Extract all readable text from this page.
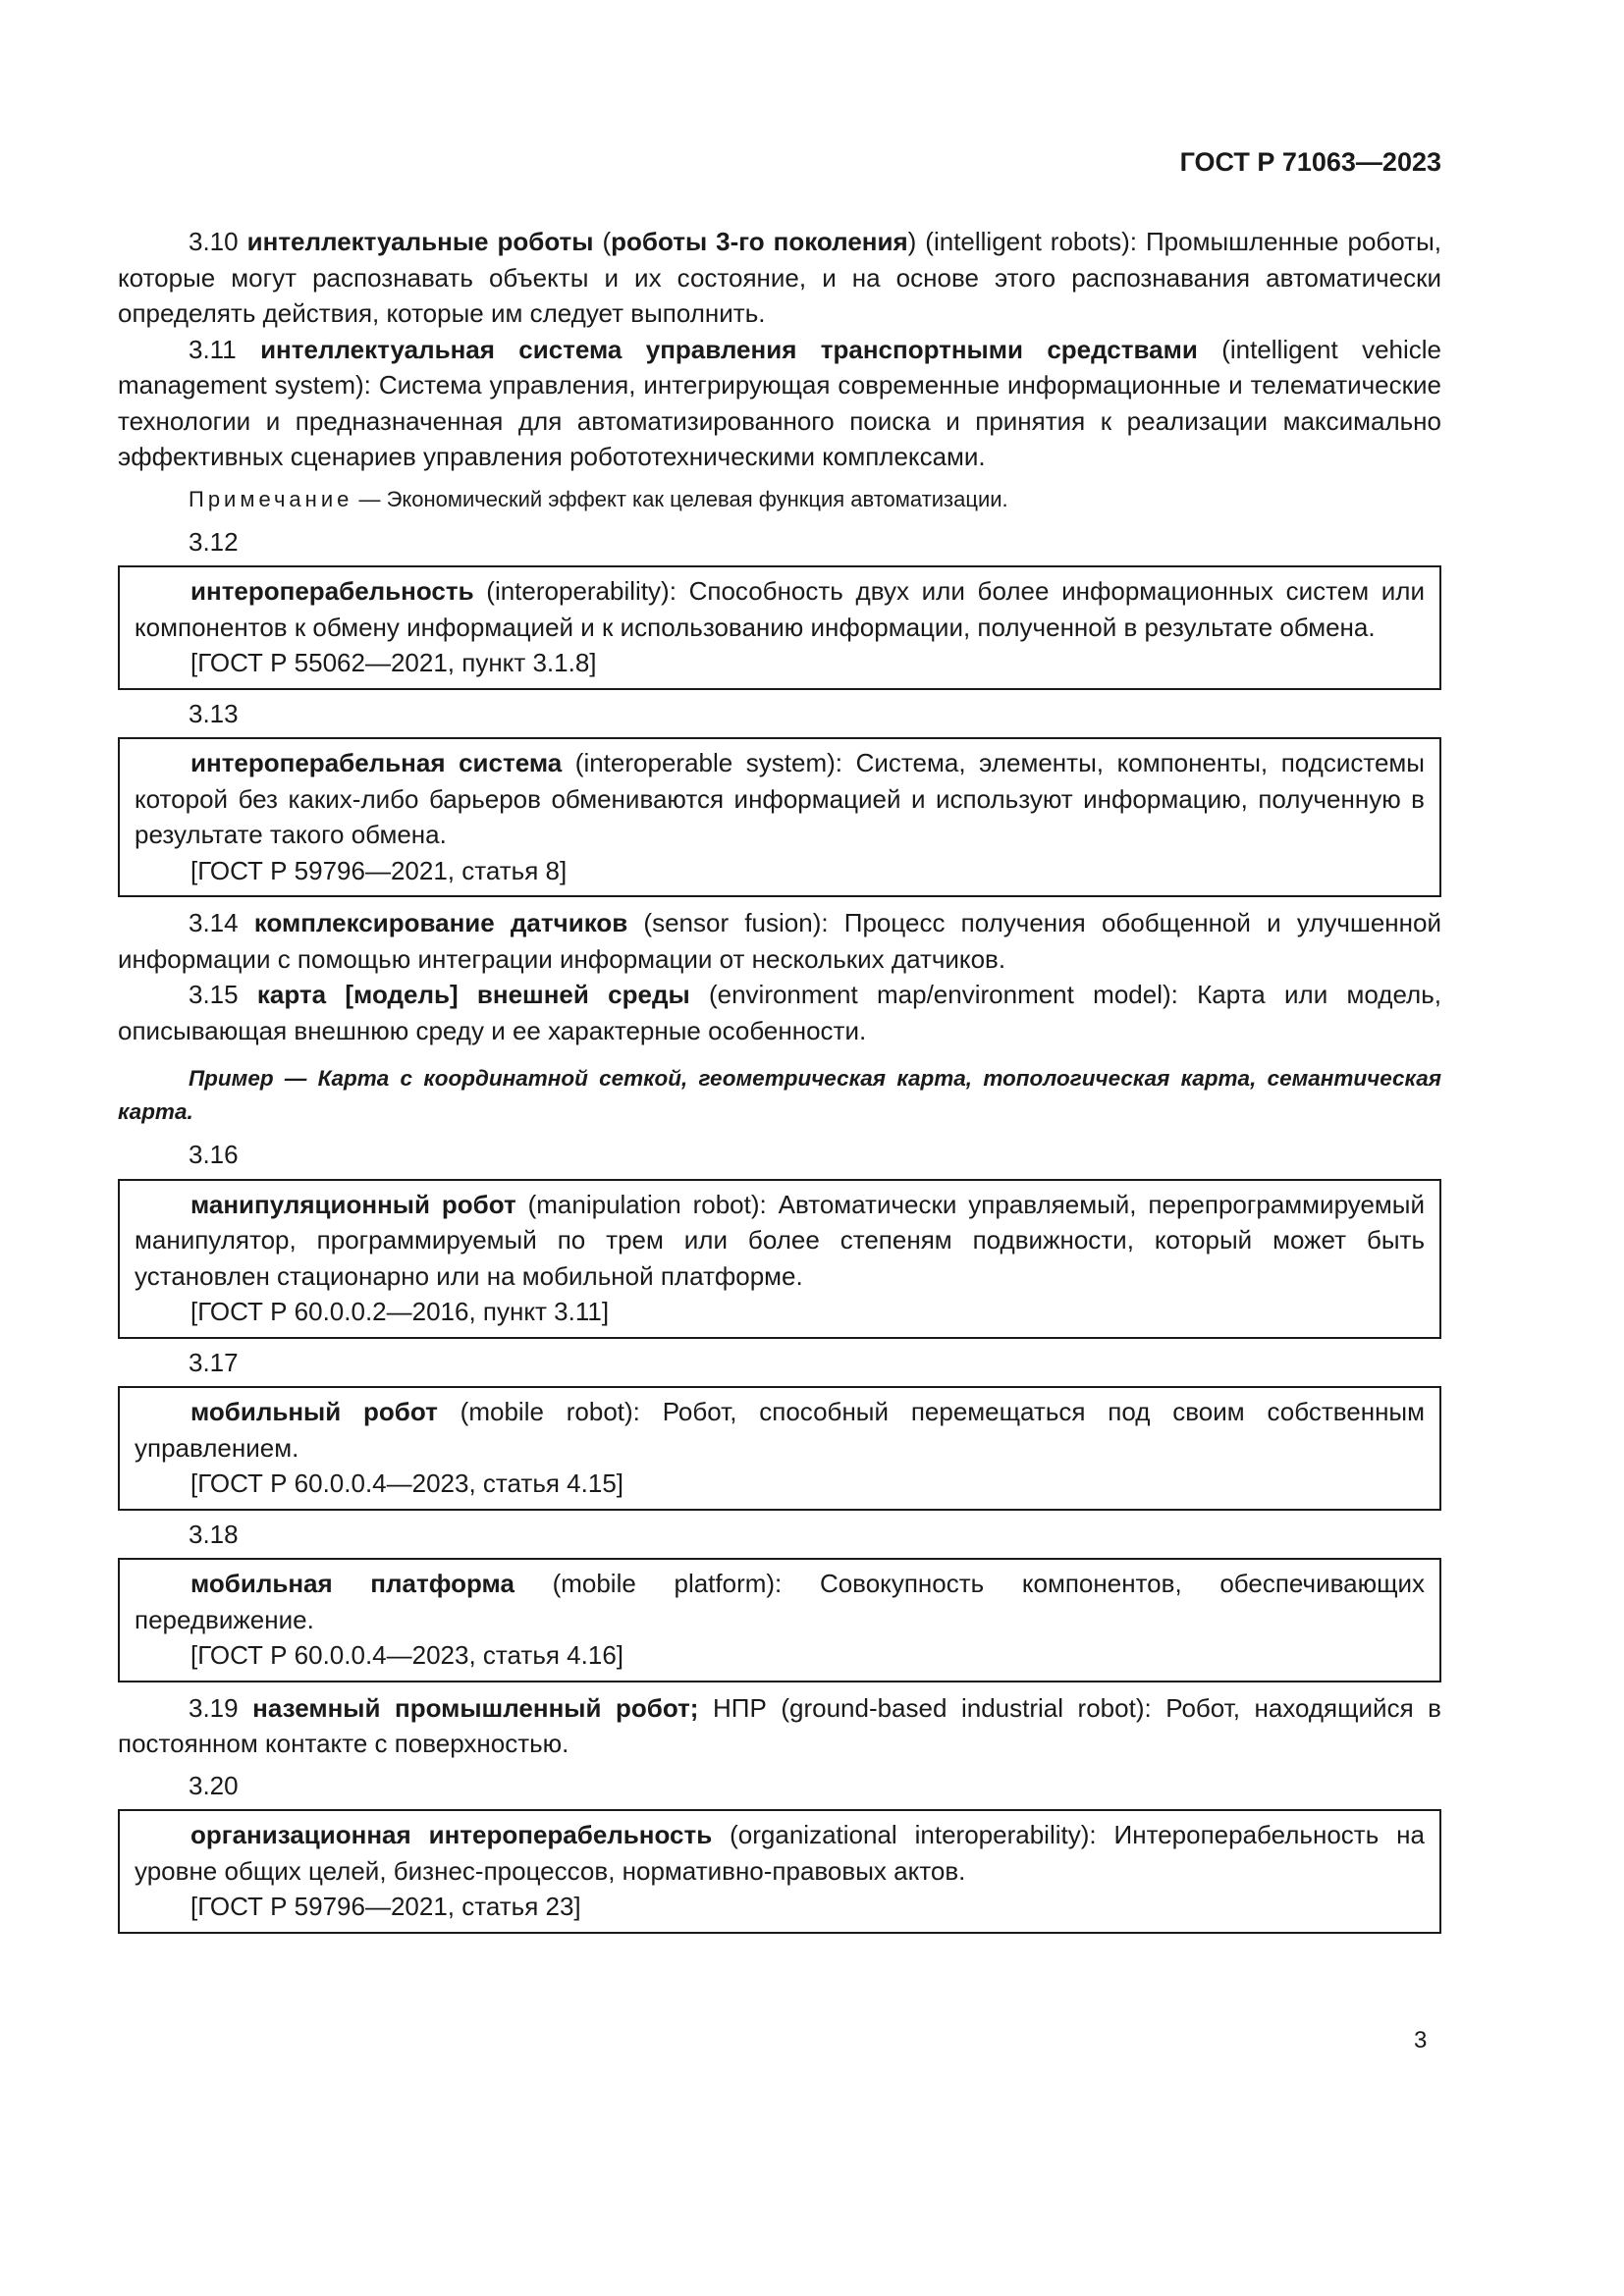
ГОСТ Р 71063—2023

3.10 интеллектуальные роботы (роботы 3-го поколения) (intelligent robots): Промышленные роботы, которые могут распознавать объекты и их состояние, и на основе этого распознавания автоматически определять действия, которые им следует выполнить.

3.11 интеллектуальная система управления транспортными средствами (intelligent vehicle management system): Система управления, интегрирующая современные информационные и телематические технологии и предназначенная для автоматизированного поиска и принятия к реализации максимально эффективных сценариев управления робототехническими комплексами.

Примечание — Экономический эффект как целевая функция автоматизации.

3.12

интероперабельность (interoperability): Способность двух или более информационных систем или компонентов к обмену информацией и к использованию информации, полученной в результате обмена.

[ГОСТ Р 55062—2021, пункт 3.1.8]
3.13

интероперабельная система (interoperable system): Система, элементы, компоненты, подсистемы которой без каких-либо барьеров обмениваются информацией и используют информацию, полученную в результате такого обмена.

[ГОСТ Р 59796—2021, статья 8]

3.14 комплексирование датчиков (sensor fusion): Процесс получения обобщенной и улучшенной информации с помощью интеграции информации от нескольких датчиков.

3.15 карта [модель] внешней среды (environment map/environment model): Карта или модель, описывающая внешнюю среду и ее характерные особенности.

Пример — Карта с координатной сеткой, геометрическая карта, топологическая карта, семантическая карта.

3.16

манипуляционный робот (manipulation robot): Автоматически управляемый, перепрограммируемый манипулятор, программируемый по трем или более степеням подвижности, который может быть установлен стационарно или на мобильной платформе.

[ГОСТ Р 60.0.0.2—2016, пункт 3.11]
3.17

мобильный робот (mobile robot): Робот, способный перемещаться под своим собственным управлением.

[ГОСТ Р 60.0.0.4—2023, статья 4.15]
3.18

мобильная платформа (mobile platform): Совокупность компонентов, обеспечивающих передвижение.

[ГОСТ Р 60.0.0.4—2023, статья 4.16]

3.19 наземный промышленный робот; НПР (ground-based industrial robot): Робот, находящийся в постоянном контакте с поверхностью.

3.20

организационная интероперабельность (organizational interoperability): Интероперабельность на уровне общих целей, бизнес-процессов, нормативно-правовых актов.

[ГОСТ Р 59796—2021, статья 23]
3
